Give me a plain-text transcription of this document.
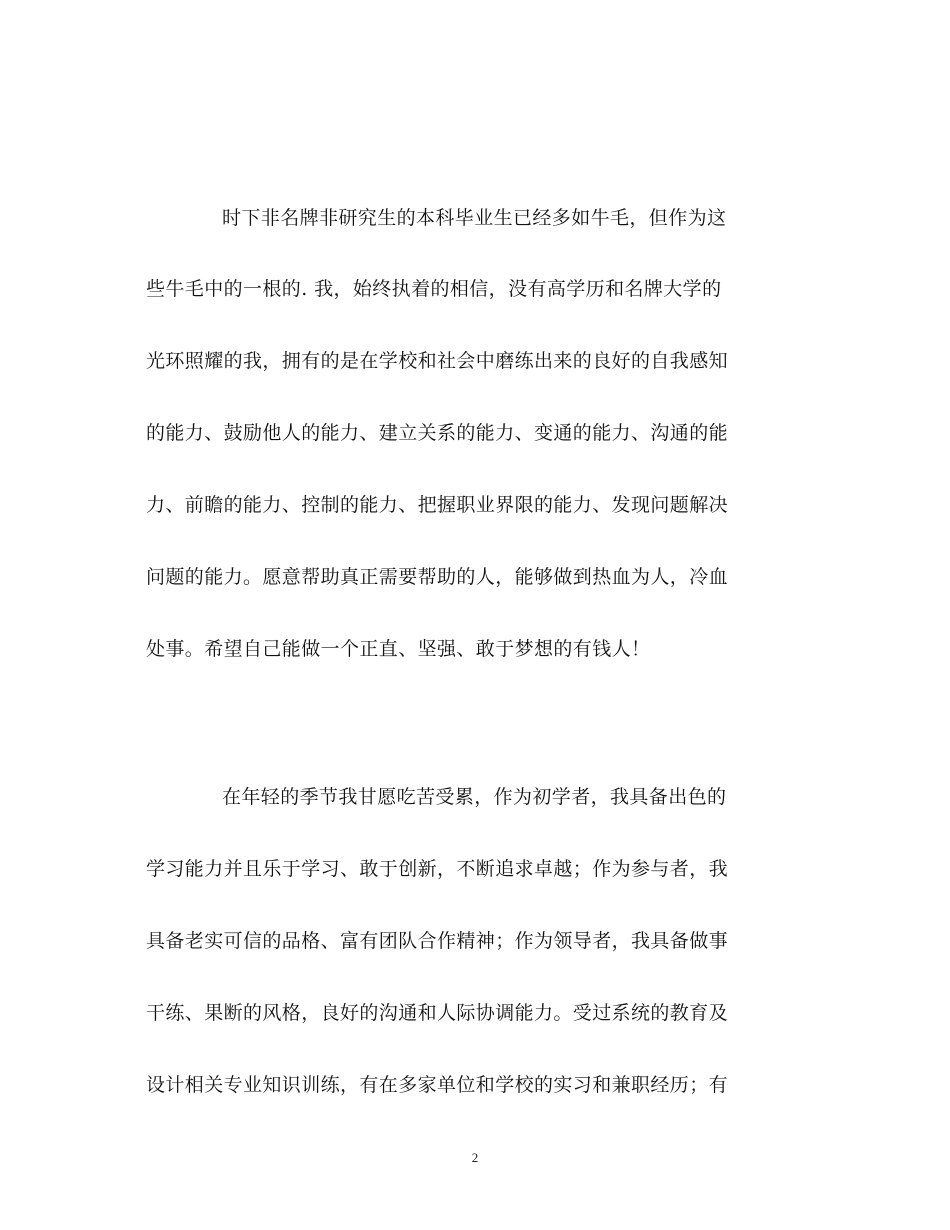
时下非名牌非研究生的本科毕业生已经多如牛毛，但作为这
些牛毛中的一根的. 我，始终执着的相信，没有高学历和名牌大学的
光环照耀的我，拥有的是在学校和社会中磨练出来的良好的自我感知
的能力、鼓励他人的能力、建立关系的能力、变通的能力、沟通的能
力、前瞻的能力、控制的能力、把握职业界限的能力、发现问题解决
问题的能力。愿意帮助真正需要帮助的人，能够做到热血为人，冷血
处事。希望自己能做一个正直、坚强、敢于梦想的有钱人！
在年轻的季节我甘愿吃苦受累，作为初学者，我具备出色的
学习能力并且乐于学习、敢于创新，不断追求卓越；作为参与者，我
具备老实可信的品格、富有团队合作精神；作为领导者，我具备做事
干练、果断的风格，良好的沟通和人际协调能力。受过系统的教育及
设计相关专业知识训练，有在多家单位和学校的实习和兼职经历；有
2
